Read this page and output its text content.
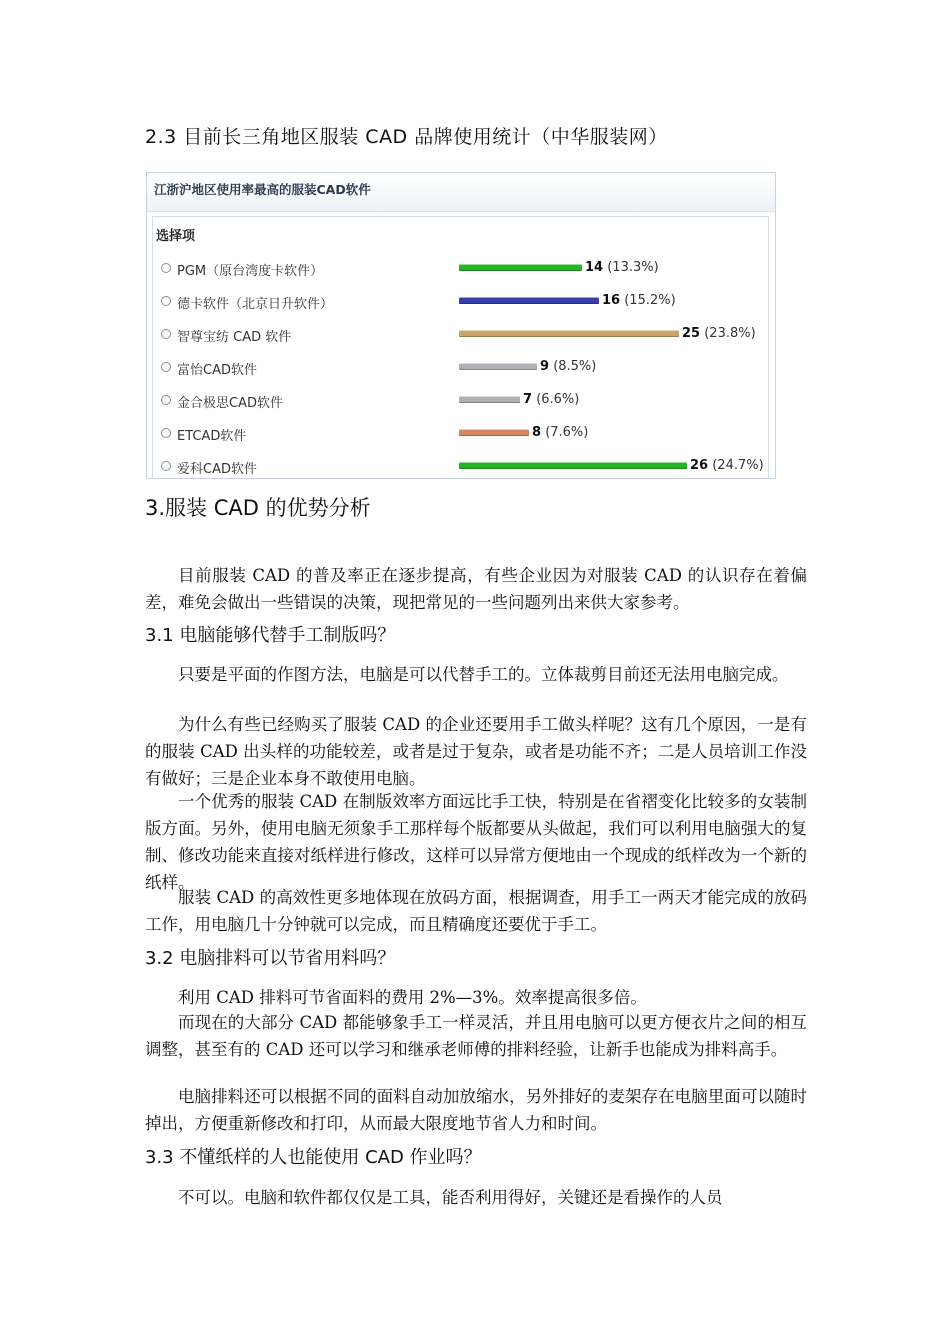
2.3 目前长三角地区服装 CAD 品牌使用统计（中华服装网）
江浙沪地区使用率最高的服装CAD软件
选择项
PGM（原台湾度卡软件）	14 (13.3%)
德卡软件（北京日升软件）	16 (15.2%)
智尊宝纺 CAD 软件	25 (23.8%)
富怡CAD软件	9 (8.5%)
金合极思CAD软件	7 (6.6%)
ETCAD软件	8 (7.6%)
爱科CAD软件	26 (24.7%)
3.服装 CAD 的优势分析
目前服装 CAD 的普及率正在逐步提高，有些企业因为对服装 CAD 的认识存在着偏差，难免会做出一些错误的决策，现把常见的一些问题列出来供大家参考。
3.1 电脑能够代替手工制版吗？
只要是平面的作图方法，电脑是可以代替手工的。立体裁剪目前还无法用电脑完成。
为什么有些已经购买了服装 CAD 的企业还要用手工做头样呢？这有几个原因，一是有的服装 CAD 出头样的功能较差，或者是过于复杂，或者是功能不齐；二是人员培训工作没有做好；三是企业本身不敢使用电脑。
一个优秀的服装 CAD 在制版效率方面远比手工快，特别是在省褶变化比较多的女装制版方面。另外，使用电脑无须象手工那样每个版都要从头做起，我们可以利用电脑强大的复制、修改功能来直接对纸样进行修改，这样可以异常方便地由一个现成的纸样改为一个新的纸样。
服装 CAD 的高效性更多地体现在放码方面，根据调查，用手工一两天才能完成的放码工作，用电脑几十分钟就可以完成，而且精确度还要优于手工。
3.2 电脑排料可以节省用料吗？
利用 CAD 排料可节省面料的费用 2%—3%。效率提高很多倍。
而现在的大部分 CAD 都能够象手工一样灵活，并且用电脑可以更方便衣片之间的相互调整，甚至有的 CAD 还可以学习和继承老师傅的排料经验，让新手也能成为排料高手。
电脑排料还可以根据不同的面料自动加放缩水，另外排好的麦架存在电脑里面可以随时掉出，方便重新修改和打印，从而最大限度地节省人力和时间。
3.3 不懂纸样的人也能使用 CAD 作业吗？
不可以。电脑和软件都仅仅是工具，能否利用得好，关键还是看操作的人员
